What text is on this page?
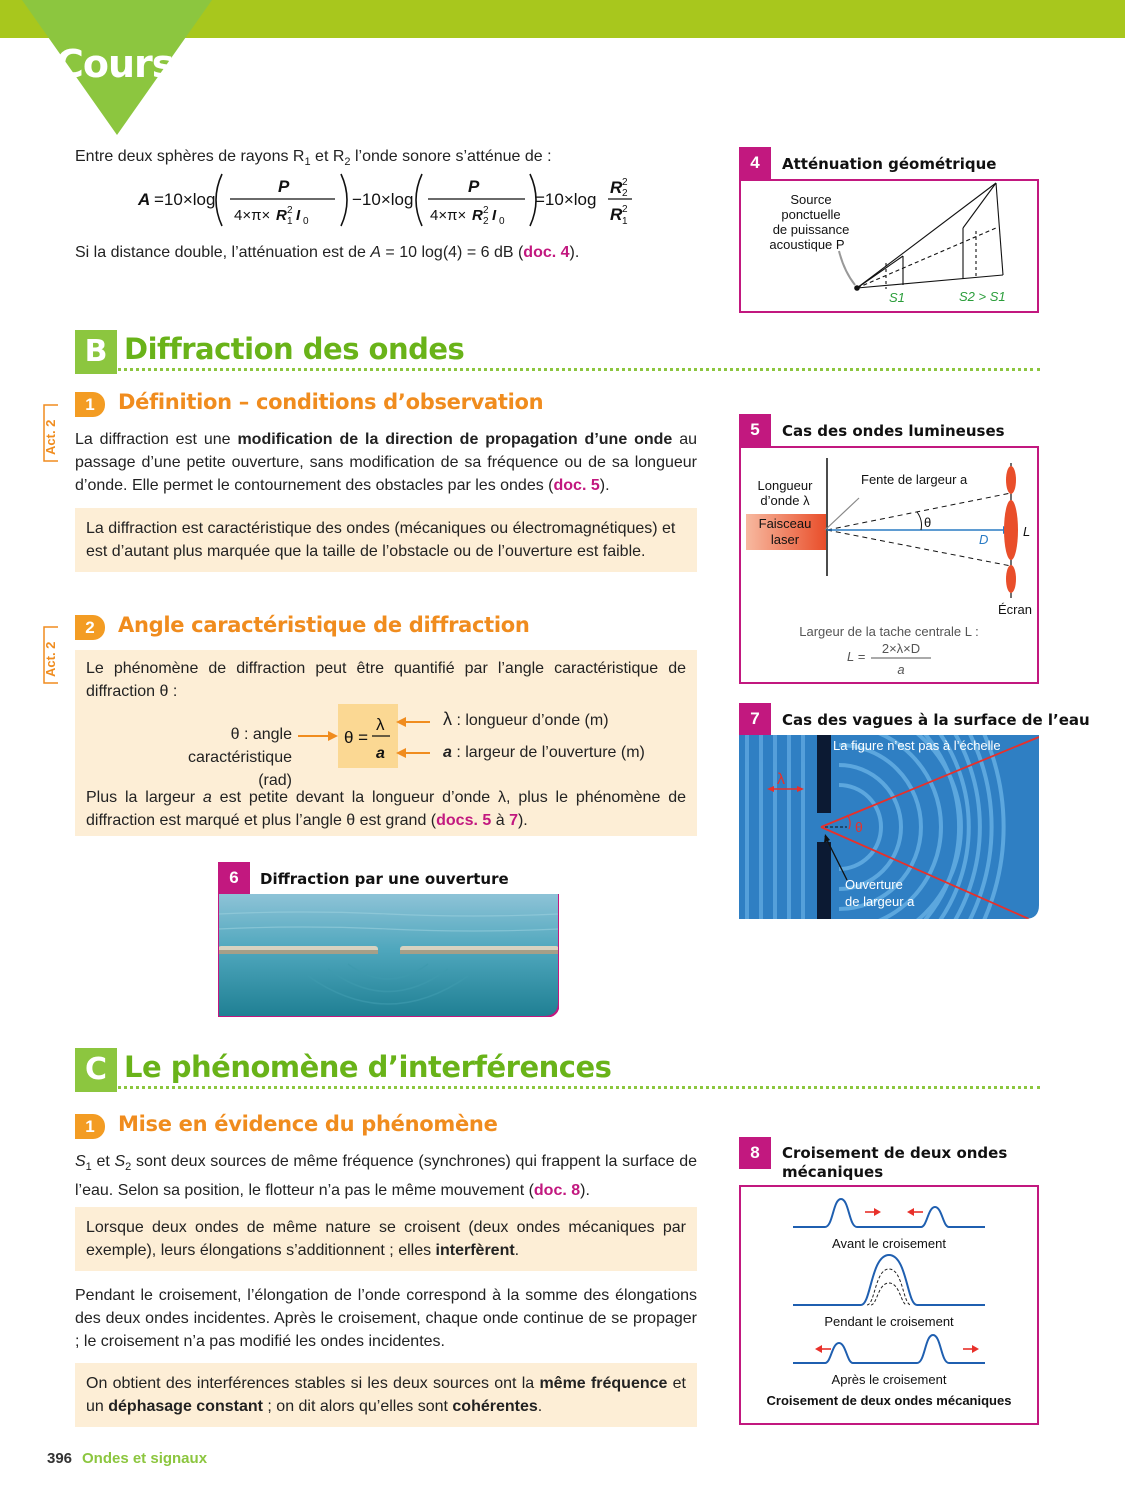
Cours
Entre deux sphères de rayons $R_1$ et $R_2$ l’onde sonore s’atténue de :
A =10×log
P
4×π× R 2
1 I 0
−10×log
P
4×π× R 2
2 I 0
=10×log
R 2
2
R 2
1
Si la distance double, l’atténuation est de A = 10 log(4) = 6 dB (doc. 4).
4	Atténuation géométrique
Source
ponctuelle
de puissance
acoustique P
S1	S2 > S1
B Diffraction des ondes
Act. 2
1	Définition – conditions d’observation
La diffraction est une modification de la direction de propagation d’une onde au passage d’une petite ouverture, sans modification de sa fréquence ou de sa longueur d’onde. Elle permet le contournement des obstacles par les ondes (doc. 5).
La diffraction est caractéristique des ondes (mécaniques ou électromagnétiques) et est d’autant plus marquée que la taille de l’obstacle ou de l’ouverture est faible.
Act. 2
2	Angle caractéristique de diffraction
Le phénomène de diffraction peut être quantifié par l’angle caractéristique de diffraction θ :
θ : angle caractéristique
(rad)
θ =
λ
a
λ : longueur d’onde (m)
a : largeur de l’ouverture (m)
Plus la largeur a est petite devant la longueur d’onde λ, plus le phénomène de diffraction est marqué et plus l’angle θ est grand (docs. 5 à 7).
5	Cas des ondes lumineuses
Longueur
d’onde λ
Faisceau
laser
Fente de largeur a
θ
D
L
Écran
Largeur de la tache centrale L :
L =
2×λ×D
a
7	Cas des vagues à la surface de l’eau
La figure n’est pas à l’échelle
λ
θ
Ouverture
de largeur a
6	Diffraction par une ouverture
C Le phénomène d’interférences
1	Mise en évidence du phénomène
$S_1$ et $S_2$ sont deux sources de même fréquence (synchrones) qui frappent la surface de l’eau. Selon sa position, le flotteur n’a pas le même mouvement (doc. 8).
Lorsque deux ondes de même nature se croisent (deux ondes mécaniques par exemple), leurs élongations s’additionnent ; elles interfèrent.
Pendant le croisement, l’élongation de l’onde correspond à la somme des élongations des deux ondes incidentes. Après le croisement, chaque onde continue de se propager ; le croisement n’a pas modifié les ondes incidentes.
On obtient des interférences stables si les deux sources ont la même fréquence et un déphasage constant ; on dit alors qu’elles sont cohérentes.
8	Croisement de deux ondes
mécaniques
Avant le croisement
Pendant le croisement
Après le croisement
Croisement de deux ondes mécaniques
396 Ondes et signaux
